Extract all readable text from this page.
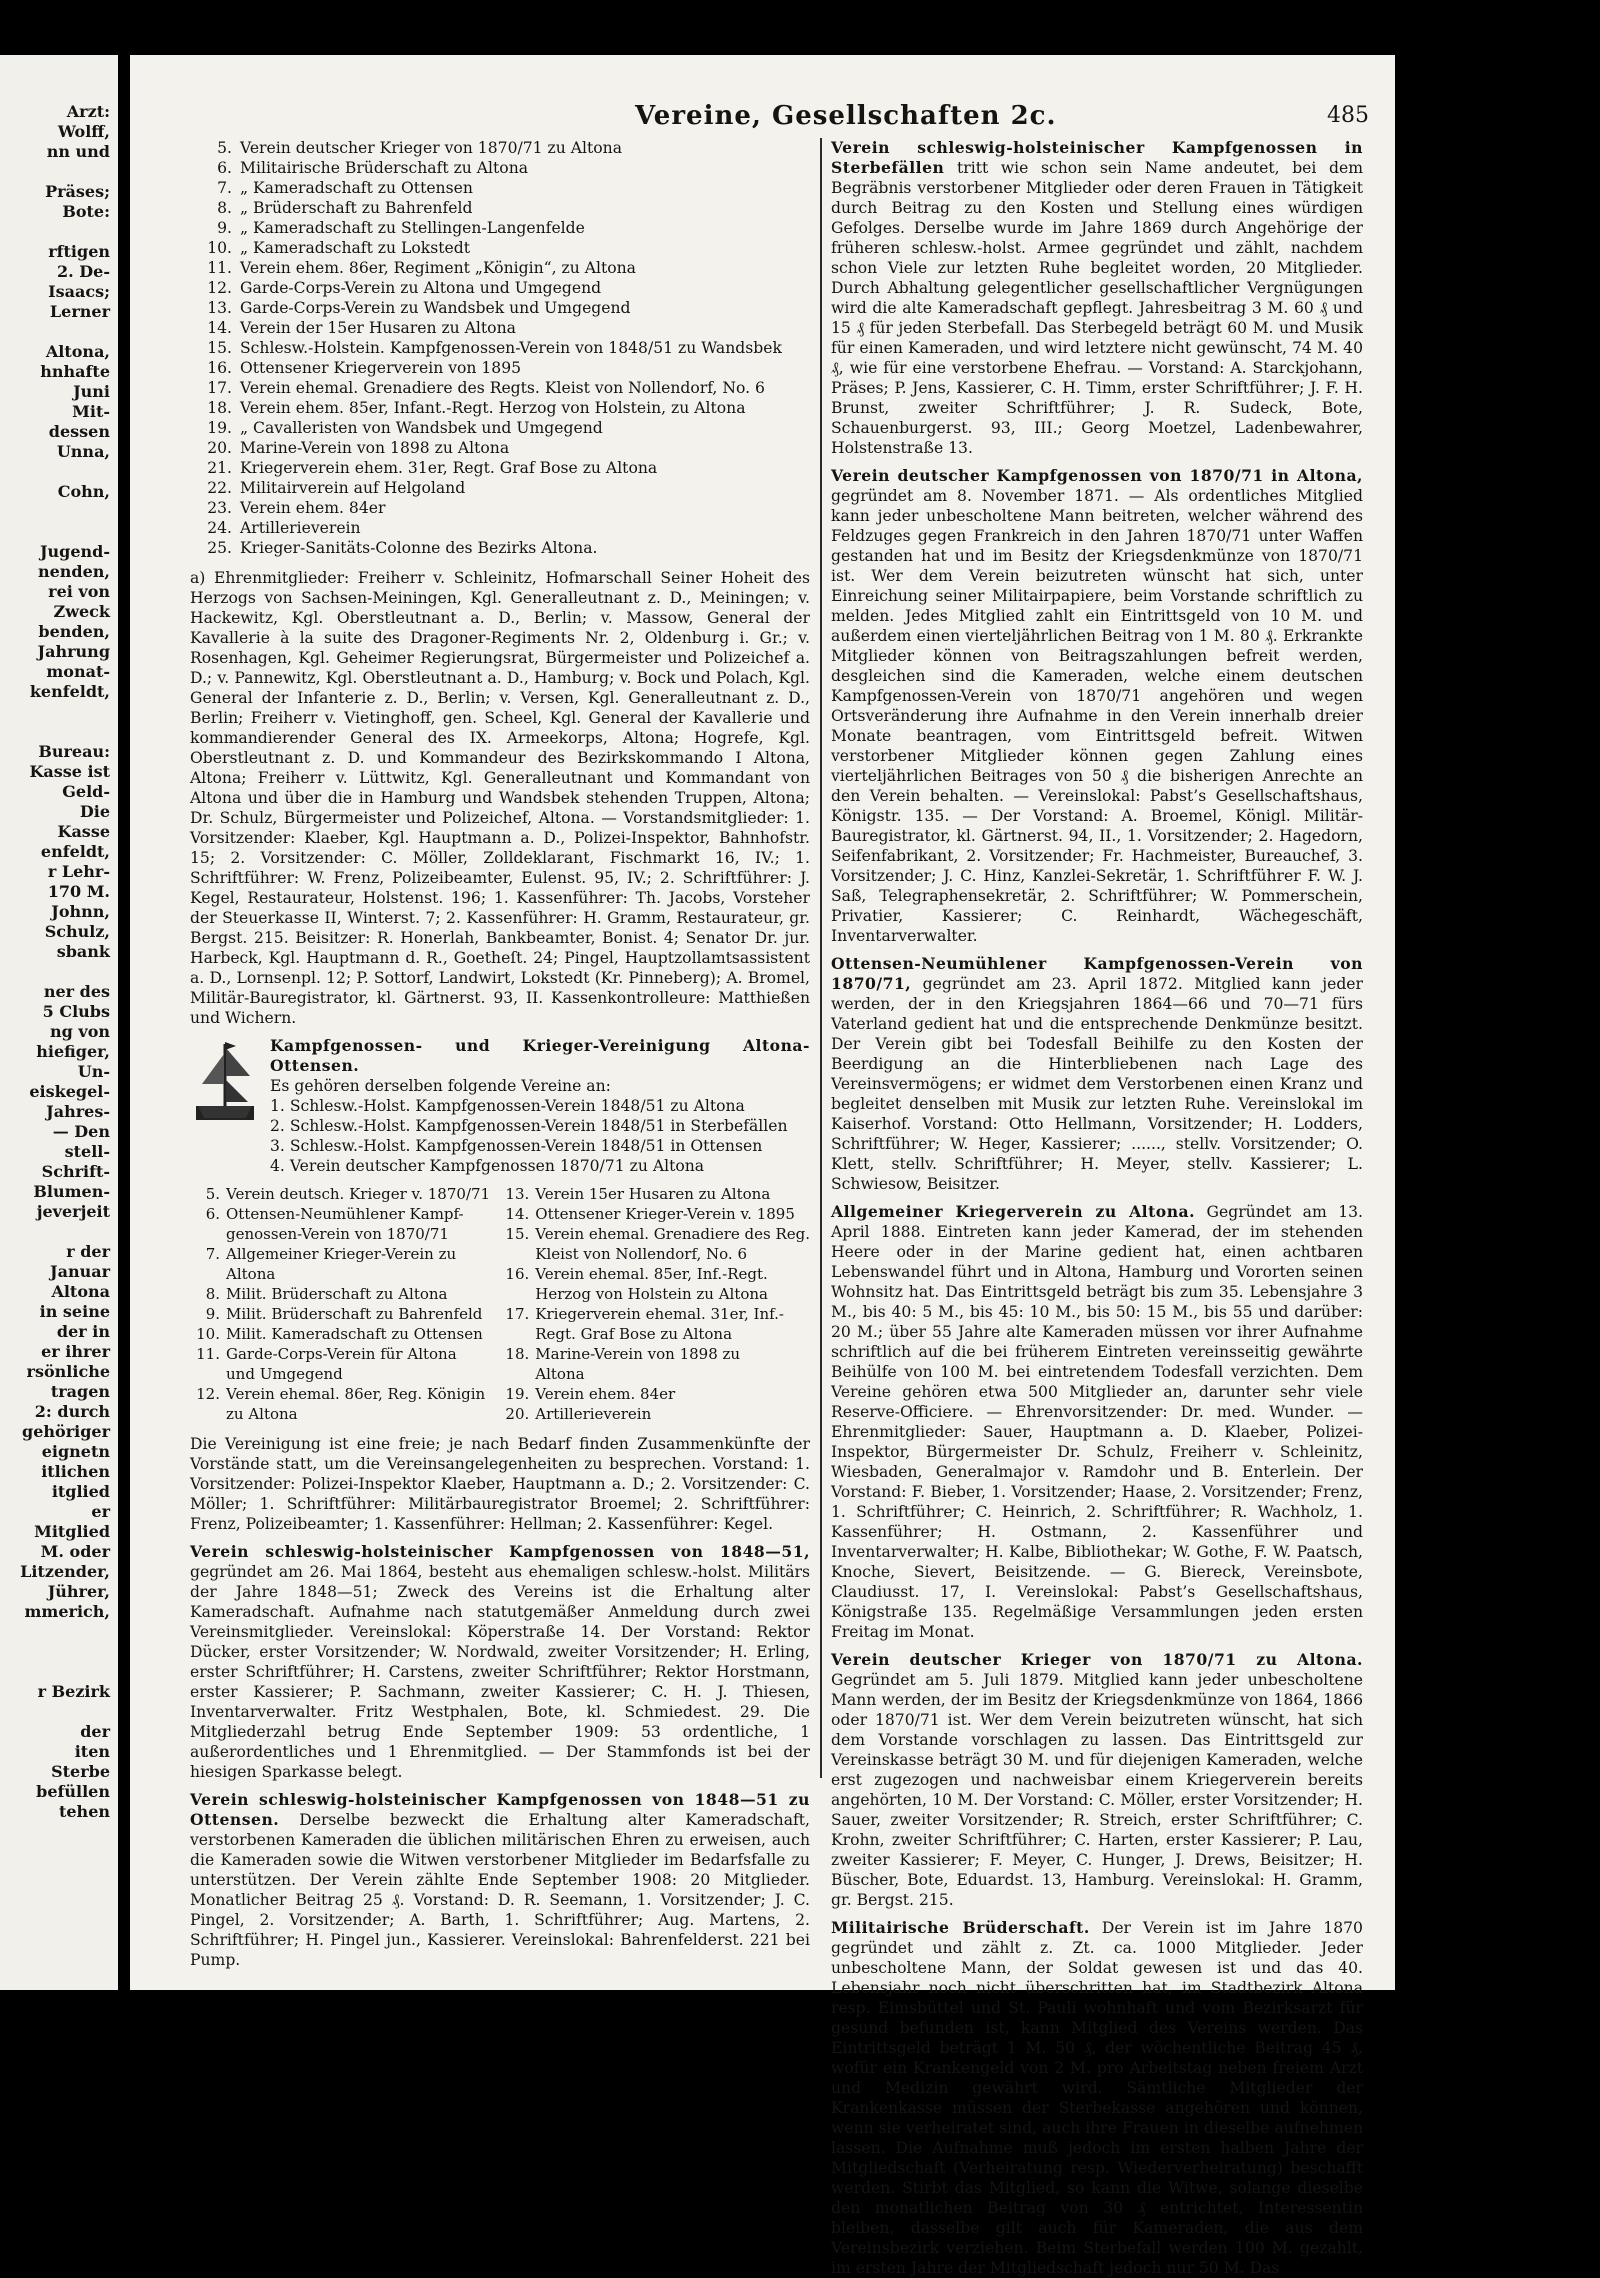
Arzt:
Wolff,
nn und
Präses;
Bote:
rftigen
2. De-
Isaacs;
Lerner
Altona,
hnhafte
Juni
Mit-
dessen
Unna,
Cohn,
Jugend-
nenden,
rei von
Zweck
benden,
Jahrung
monat-
kenfeldt,
Bureau:
Kasse ist
Geld-
Die
Kasse
enfeldt,
r Lehr-
170 M.
Johnn,
Schulz,
sbank
ner des
5 Clubs
ng von
hiefiger,
Un-
eiskegel-
Jahres-
— Den
stell-
Schrift-
Blumen-
jeverjeit
r der
Januar
Altona
in seine
der in
er ihrer
rsönliche
tragen
2: durch
gehöriger
eignetn
itlichen
itglied
er
Mitglied
M. oder
Litzender,
Jührer,
mmerich,
r Bezirk
der
iten
Sterbe
befüllen
tehen
Vereine, Gesellschaften 2c.	485
5. Verein deutscher Krieger von 1870/71 zu Altona
6. Militairische Brüderschaft zu Altona
7. „ Kameradschaft zu Ottensen
8. „ Brüderschaft zu Bahrenfeld
9. „ Kameradschaft zu Stellingen-Langenfelde
10. „ Kameradschaft zu Lokstedt
11. Verein ehem. 86er, Regiment „Königin“, zu Altona
12. Garde-Corps-Verein zu Altona und Umgegend
13. Garde-Corps-Verein zu Wandsbek und Umgegend
14. Verein der 15er Husaren zu Altona
15. Schlesw.-Holstein. Kampfgenossen-Verein von 1848/51 zu Wandsbek
16. Ottensener Kriegerverein von 1895
17. Verein ehemal. Grenadiere des Regts. Kleist von Nollendorf, No. 6
18. Verein ehem. 85er, Infant.-Regt. Herzog von Holstein, zu Altona
19. „ Cavalleristen von Wandsbek und Umgegend
20. Marine-Verein von 1898 zu Altona
21. Kriegerverein ehem. 31er, Regt. Graf Bose zu Altona
22. Militairverein auf Helgoland
23. Verein ehem. 84er
24. Artillerieverein
25. Krieger-Sanitäts-Colonne des Bezirks Altona.

a) Ehrenmitglieder: Freiherr v. Schleinitz, Hofmarschall Seiner Hoheit des Herzogs von Sachsen-Meiningen, Kgl. Generalleutnant z. D., Meiningen; v. Hackewitz, Kgl. Oberstleutnant a. D., Berlin; v. Massow, General der Kavallerie à la suite des Dragoner-Regiments Nr. 2, Oldenburg i. Gr.; v. Rosenhagen, Kgl. Geheimer Regierungsrat, Bürgermeister und Polizeichef a. D.; v. Pannewitz, Kgl. Oberstleutnant a. D., Hamburg; v. Bock und Polach, Kgl. General der Infanterie z. D., Berlin; v. Versen, Kgl. Generalleutnant z. D., Berlin; Freiherr v. Vietinghoff, gen. Scheel, Kgl. General der Kavallerie und kommandierender General des IX. Armeekorps, Altona; Hogrefe, Kgl. Oberstleutnant z. D. und Kommandeur des Bezirkskommando I Altona, Altona; Freiherr v. Lüttwitz, Kgl. Generalleutnant und Kommandant von Altona und über die in Hamburg und Wandsbek stehenden Truppen, Altona; Dr. Schulz, Bürgermeister und Polizeichef, Altona. — Vorstandsmitglieder: 1. Vorsitzender: Klaeber, Kgl. Hauptmann a. D., Polizei-Inspektor, Bahnhofstr. 15; 2. Vorsitzender: C. Möller, Zolldeklarant, Fischmarkt 16, IV.; 1. Schriftführer: W. Frenz, Polizeibeamter, Eulenst. 95, IV.; 2. Schriftführer: J. Kegel, Restaurateur, Holstenst. 196; 1. Kassenführer: Th. Jacobs, Vorsteher der Steuerkasse II, Winterst. 7; 2. Kassenführer: H. Gramm, Restaurateur, gr. Bergst. 215. Beisitzer: R. Honerlah, Bankbeamter, Bonist. 4; Senator Dr. jur. Harbeck, Kgl. Hauptmann d. R., Goetheſt. 24; Pingel, Hauptzollamtsassistent a. D., Lornsenpl. 12; P. Sottorf, Landwirt, Lokstedt (Kr. Pinneberg); A. Bromel, Militär-Bauregistrator, kl. Gärtnerst. 93, II. Kassenkontrolleure: Matthießen und Wichern.

Kampfgenossen- und Krieger-Vereinigung Altona-Ottensen.
Es gehören derselben folgende Vereine an:
1. Schlesw.-Holst. Kampfgenossen-Verein 1848/51 zu Altona
2. Schlesw.-Holst. Kampfgenossen-Verein 1848/51 in Sterbefällen
3. Schlesw.-Holst. Kampfgenossen-Verein 1848/51 in Ottensen
4. Verein deutscher Kampfgenossen 1870/71 zu Altona
5. Verein deutsch. Krieger v. 1870/71
6. Ottensen-Neumühlener Kampf-
genossen-Verein von 1870/71
7. Allgemeiner Krieger-Verein zu
Altona
8. Milit. Brüderschaft zu Altona
9. Milit. Brüderschaft zu Bahrenfeld
10. Milit. Kameradschaft zu Ottensen
11. Garde-Corps-Verein für Altona
und Umgegend
12. Verein ehemal. 86er, Reg. Königin
zu Altona
13. Verein 15er Husaren zu Altona
14. Ottensener Krieger-Verein v. 1895
15. Verein ehemal. Grenadiere des Reg.
Kleist von Nollendorf, No. 6
16. Verein ehemal. 85er, Inf.-Regt.
Herzog von Holstein zu Altona
17. Kriegerverein ehemal. 31er, Inf.-
Regt. Graf Bose zu Altona
18. Marine-Verein von 1898 zu
Altona
19. Verein ehem. 84er
20. Artillerieverein

Die Vereinigung ist eine freie; je nach Bedarf finden Zusammenkünfte der Vorstände statt, um die Vereinsangelegenheiten zu besprechen. Vorstand: 1. Vorsitzender: Polizei-Inspektor Klaeber, Hauptmann a. D.; 2. Vorsitzender: C. Möller; 1. Schriftführer: Militärbauregistrator Broemel; 2. Schriftführer: Frenz, Polizeibeamter; 1. Kassenführer: Hellman; 2. Kassenführer: Kegel.

Verein schleswig-holsteinischer Kampfgenossen von 1848—51, gegründet am 26. Mai 1864, besteht aus ehemaligen schlesw.-holst. Militärs der Jahre 1848—51; Zweck des Vereins ist die Erhaltung alter Kameradschaft. Aufnahme nach statutgemäßer Anmeldung durch zwei Vereinsmitglieder. Vereinslokal: Köperstraße 14. Der Vorstand: Rektor Dücker, erster Vorsitzender; W. Nordwald, zweiter Vorsitzender; H. Erling, erster Schriftführer; H. Carstens, zweiter Schriftführer; Rektor Horstmann, erster Kassierer; P. Sachmann, zweiter Kassierer; C. H. J. Thiesen, Inventarverwalter. Fritz Westphalen, Bote, kl. Schmiedest. 29. Die Mitgliederzahl betrug Ende September 1909: 53 ordentliche, 1 außerordentliches und 1 Ehrenmitglied. — Der Stammfonds ist bei der hiesigen Sparkasse belegt.

Verein schleswig-holsteinischer Kampfgenossen von 1848—51 zu Ottensen. Derselbe bezweckt die Erhaltung alter Kameradschaft, verstorbenen Kameraden die üblichen militärischen Ehren zu erweisen, auch die Kameraden sowie die Witwen verstorbener Mitglieder im Bedarfsfalle zu unterstützen. Der Verein zählte Ende September 1908: 20 Mitglieder. Monatlicher Beitrag 25 ₰. Vorstand: D. R. Seemann, 1. Vorsitzender; J. C. Pingel, 2. Vorsitzender; A. Barth, 1. Schriftführer; Aug. Martens, 2. Schriftführer; H. Pingel jun., Kassierer. Vereinslokal: Bahrenfelderst. 221 bei Pump.

Verein schleswig-holsteinischer Kampfgenossen in Sterbefällen tritt wie schon sein Name andeutet, bei dem Begräbnis verstorbener Mitglieder oder deren Frauen in Tätigkeit durch Beitrag zu den Kosten und Stellung eines würdigen Gefolges. Derselbe wurde im Jahre 1869 durch Angehörige der früheren schlesw.-holst. Armee gegründet und zählt, nachdem schon Viele zur letzten Ruhe begleitet worden, 20 Mitglieder. Durch Abhaltung gelegentlicher gesellschaftlicher Vergnügungen wird die alte Kameradschaft gepflegt. Jahresbeitrag 3 M. 60 ₰ und 15 ₰ für jeden Sterbefall. Das Sterbegeld beträgt 60 M. und Musik für einen Kameraden, und wird letztere nicht gewünscht, 74 M. 40 ₰, wie für eine verstorbene Ehefrau. — Vorstand: A. Starckjohann, Präses; P. Jens, Kassierer, C. H. Timm, erster Schriftführer; J. F. H. Brunst, zweiter Schriftführer; J. R. Sudeck, Bote, Schauenburgerst. 93, III.; Georg Moetzel, Ladenbewahrer, Holstenstraße 13.

Verein deutscher Kampfgenossen von 1870/71 in Altona, gegründet am 8. November 1871. — Als ordentliches Mitglied kann jeder unbescholtene Mann beitreten, welcher während des Feldzuges gegen Frankreich in den Jahren 1870/71 unter Waffen gestanden hat und im Besitz der Kriegsdenkmünze von 1870/71 ist. Wer dem Verein beizutreten wünscht hat sich, unter Einreichung seiner Militairpapiere, beim Vorstande schriftlich zu melden. Jedes Mitglied zahlt ein Eintrittsgeld von 10 M. und außerdem einen vierteljährlichen Beitrag von 1 M. 80 ₰. Erkrankte Mitglieder können von Beitragszahlungen befreit werden, desgleichen sind die Kameraden, welche einem deutschen Kampfgenossen-Verein von 1870/71 angehören und wegen Ortsveränderung ihre Aufnahme in den Verein innerhalb dreier Monate beantragen, vom Eintrittsgeld befreit. Witwen verstorbener Mitglieder können gegen Zahlung eines vierteljährlichen Beitrages von 50 ₰ die bisherigen Anrechte an den Verein behalten. — Vereinslokal: Pabst’s Gesellschaftshaus, Königstr. 135. — Der Vorstand: A. Broemel, Königl. Militär-Bauregistrator, kl. Gärtnerst. 94, II., 1. Vorsitzender; 2. Hagedorn, Seifenfabrikant, 2. Vorsitzender; Fr. Hachmeister, Bureauchef, 3. Vorsitzender; J. C. Hinz, Kanzlei-Sekretär, 1. Schriftführer F. W. J. Saß, Telegraphensekretär, 2. Schriftführer; W. Pommerschein, Privatier, Kassierer; C. Reinhardt, Wächegeschäft, Inventarverwalter.

Ottensen-Neumühlener Kampfgenossen-Verein von 1870/71, gegründet am 23. April 1872. Mitglied kann jeder werden, der in den Kriegsjahren 1864—66 und 70—71 fürs Vaterland gedient hat und die entsprechende Denkmünze besitzt. Der Verein gibt bei Todesfall Beihilfe zu den Kosten der Beerdigung an die Hinterbliebenen nach Lage des Vereinsvermögens; er widmet dem Verstorbenen einen Kranz und begleitet denselben mit Musik zur letzten Ruhe. Vereinslokal im Kaiserhof. Vorstand: Otto Hellmann, Vorsitzender; H. Lodders, Schriftführer; W. Heger, Kassierer; ......, stellv. Vorsitzender; O. Klett, stellv. Schriftführer; H. Meyer, stellv. Kassierer; L. Schwiesow, Beisitzer.

Allgemeiner Kriegerverein zu Altona. Gegründet am 13. April 1888. Eintreten kann jeder Kamerad, der im stehenden Heere oder in der Marine gedient hat, einen achtbaren Lebenswandel führt und in Altona, Hamburg und Vororten seinen Wohnsitz hat. Das Eintrittsgeld beträgt bis zum 35. Lebensjahre 3 M., bis 40: 5 M., bis 45: 10 M., bis 50: 15 M., bis 55 und darüber: 20 M.; über 55 Jahre alte Kameraden müssen vor ihrer Aufnahme schriftlich auf die bei früherem Eintreten vereinsseitig gewährte Beihülfe von 100 M. bei eintretendem Todesfall verzichten. Dem Vereine gehören etwa 500 Mitglieder an, darunter sehr viele Reserve-Officiere. — Ehrenvorsitzender: Dr. med. Wunder. — Ehrenmitglieder: Sauer, Hauptmann a. D. Klaeber, Polizei-Inspektor, Bürgermeister Dr. Schulz, Freiherr v. Schleinitz, Wiesbaden, Generalmajor v. Ramdohr und B. Enterlein. Der Vorstand: F. Bieber, 1. Vorsitzender; Haase, 2. Vorsitzender; Frenz, 1. Schriftführer; C. Heinrich, 2. Schriftführer; R. Wachholz, 1. Kassenführer; H. Ostmann, 2. Kassenführer und Inventarverwalter; H. Kalbe, Bibliothekar; W. Gothe, F. W. Paatsch, Knoche, Sievert, Beisitzende. — G. Biereck, Vereinsbote, Claudiusst. 17, I. Vereinslokal: Pabst’s Gesellschaftshaus, Königstraße 135. Regelmäßige Versammlungen jeden ersten Freitag im Monat.

Verein deutscher Krieger von 1870/71 zu Altona. Gegründet am 5. Juli 1879. Mitglied kann jeder unbescholtene Mann werden, der im Besitz der Kriegsdenkmünze von 1864, 1866 oder 1870/71 ist. Wer dem Verein beizutreten wünscht, hat sich dem Vorstande vorschlagen zu lassen. Das Eintrittsgeld zur Vereinskasse beträgt 30 M. und für diejenigen Kameraden, welche erst zugezogen und nachweisbar einem Kriegerverein bereits angehörten, 10 M. Der Vorstand: C. Möller, erster Vorsitzender; H. Sauer, zweiter Vorsitzender; R. Streich, erster Schriftführer; C. Krohn, zweiter Schriftführer; C. Harten, erster Kassierer; P. Lau, zweiter Kassierer; F. Meyer, C. Hunger, J. Drews, Beisitzer; H. Büscher, Bote, Eduardst. 13, Hamburg. Vereinslokal: H. Gramm, gr. Bergst. 215.

Militairische Brüderschaft. Der Verein ist im Jahre 1870 gegründet und zählt z. Zt. ca. 1000 Mitglieder. Jeder unbescholtene Mann, der Soldat gewesen ist und das 40. Lebensjahr noch nicht überschritten hat, im Stadtbezirk Altona resp. Eimsbüttel und St. Pauli wohnhaft und vom Bezirksarzt für gesund befunden ist, kann Mitglied des Vereins werden. Das Eintrittsgeld beträgt 1 M. 50 ₰, der wöchentliche Beitrag 45 ₰, wofür ein Krankengeld von 2 M. pro Arbeitstag neben freiem Arzt und Medizin gewährt wird. Sämtliche Mitglieder der Krankenkasse müssen der Sterbekasse angehören und können, wenn sie verheiratet sind, auch ihre Frauen in dieselbe aufnehmen lassen. Die Aufnahme muß jedoch im ersten halben Jahre der Mitgliedschaft (Verheiratung resp. Wiederverheiratung) beschafft werden. Stirbt das Mitglied, so kann die Witwe, solange dieselbe den monatlichen Beitrag von 30 ₰ entrichtet, Interessentin bleiben, dasselbe gilt auch für Kameraden, die aus dem Vereinsbezirk verziehen. Beim Sterbefall werden 100 M. gezahlt, im ersten Jahre der Mitgliedschaft jedoch nur 50 M. Das
